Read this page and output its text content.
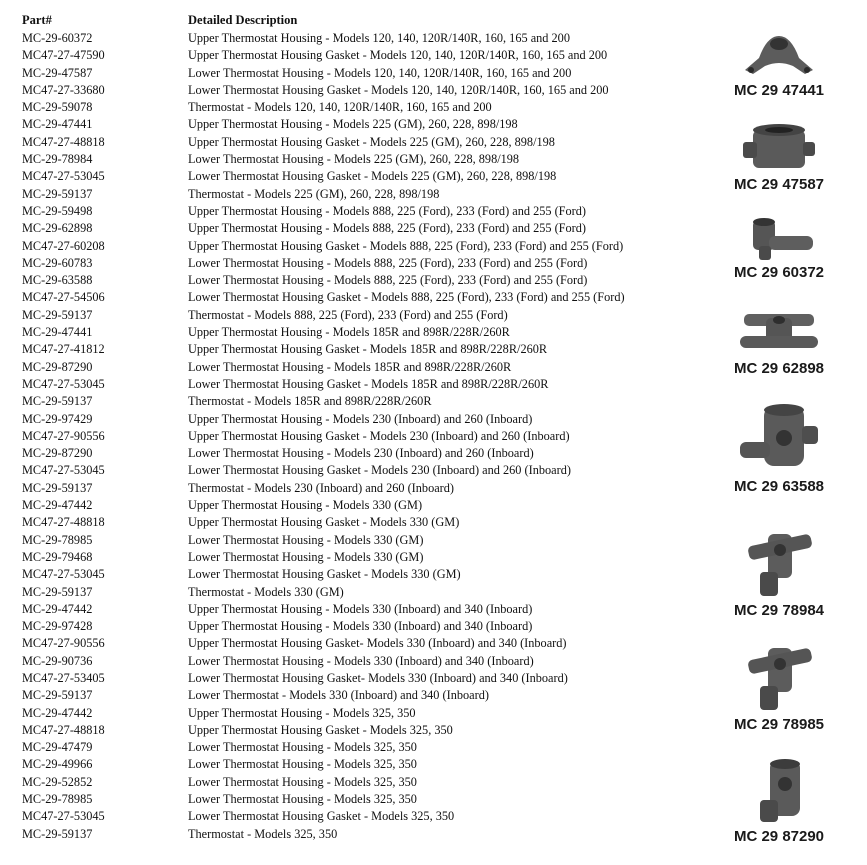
Part#	Detailed Description
MC-29-60372	Upper Thermostat Housing - Models 120, 140, 120R/140R, 160, 165 and 200
MC47-27-47590	Upper Thermostat Housing Gasket - Models 120, 140, 120R/140R, 160, 165 and 200
MC-29-47587	Lower Thermostat Housing - Models 120, 140, 120R/140R, 160, 165 and 200
MC47-27-33680	Lower Thermostat Housing Gasket - Models 120, 140, 120R/140R, 160, 165 and 200
MC-29-59078	Thermostat - Models 120, 140, 120R/140R, 160, 165 and 200
MC-29-47441	Upper Thermostat Housing - Models 225 (GM), 260, 228, 898/198
MC47-27-48818	Upper Thermostat Housing Gasket - Models 225 (GM), 260, 228, 898/198
MC-29-78984	Lower Thermostat Housing - Models 225 (GM), 260, 228, 898/198
MC47-27-53045	Lower Thermostat Housing Gasket - Models 225 (GM), 260, 228, 898/198
MC-29-59137	Thermostat - Models 225 (GM), 260, 228, 898/198
MC-29-59498	Upper Thermostat Housing - Models 888, 225 (Ford), 233 (Ford) and 255 (Ford)
MC-29-62898	Upper Thermostat Housing - Models 888, 225 (Ford), 233 (Ford) and 255 (Ford)
MC47-27-60208	Upper Thermostat Housing Gasket - Models 888, 225 (Ford), 233 (Ford) and 255 (Ford)
MC-29-60783	Lower Thermostat Housing - Models 888, 225 (Ford), 233 (Ford) and 255 (Ford)
MC-29-63588	Lower Thermostat Housing - Models 888, 225 (Ford), 233 (Ford) and 255 (Ford)
MC47-27-54506	Lower Thermostat Housing Gasket - Models 888, 225 (Ford), 233 (Ford) and 255 (Ford)
MC-29-59137	Thermostat - Models 888, 225 (Ford), 233 (Ford) and 255 (Ford)
MC-29-47441	Upper Thermostat Housing - Models 185R and 898R/228R/260R
MC47-27-41812	Upper Thermostat Housing Gasket - Models 185R and 898R/228R/260R
MC-29-87290	Lower Thermostat Housing - Models 185R and 898R/228R/260R
MC47-27-53045	Lower Thermostat Housing Gasket - Models 185R and 898R/228R/260R
MC-29-59137	Thermostat - Models 185R and 898R/228R/260R
MC-29-97429	Upper Thermostat Housing - Models 230 (Inboard) and 260 (Inboard)
MC47-27-90556	Upper Thermostat Housing Gasket - Models 230 (Inboard) and 260 (Inboard)
MC-29-87290	Lower Thermostat Housing - Models 230 (Inboard) and 260 (Inboard)
MC47-27-53045	Lower Thermostat Housing Gasket - Models 230 (Inboard) and 260 (Inboard)
MC-29-59137	Thermostat - Models 230 (Inboard) and 260 (Inboard)
MC-29-47442	Upper Thermostat Housing - Models 330 (GM)
MC47-27-48818	Upper Thermostat Housing Gasket - Models 330 (GM)
MC-29-78985	Lower Thermostat Housing - Models 330 (GM)
MC-29-79468	Lower Thermostat Housing - Models 330 (GM)
MC47-27-53045	Lower Thermostat Housing Gasket - Models 330 (GM)
MC-29-59137	Thermostat - Models 330 (GM)
MC-29-47442	Upper Thermostat Housing - Models 330 (Inboard) and 340 (Inboard)
MC-29-97428	Upper Thermostat Housing - Models 330 (Inboard) and 340 (Inboard)
MC47-27-90556	Upper Thermostat Housing Gasket- Models 330 (Inboard) and 340 (Inboard)
MC-29-90736	Lower Thermostat Housing - Models 330 (Inboard) and 340 (Inboard)
MC47-27-53405	Lower Thermostat Housing Gasket- Models 330 (Inboard) and 340 (Inboard)
MC-29-59137	Lower Thermostat - Models 330 (Inboard) and 340 (Inboard)
MC-29-47442	Upper Thermostat Housing - Models 325, 350
MC47-27-48818	Upper Thermostat Housing Gasket - Models 325, 350
MC-29-47479	Lower Thermostat Housing - Models 325, 350
MC-29-49966	Lower Thermostat Housing - Models 325, 350
MC-29-52852	Lower Thermostat Housing - Models 325, 350
MC-29-78985	Lower Thermostat Housing - Models 325, 350
MC47-27-53045	Lower Thermostat Housing Gasket - Models 325, 350
MC-29-59137	Thermostat - Models 325, 350
MC 29 47441
MC 29 47587
MC 29 60372
MC 29 62898
MC 29 63588
MC 29 78984
MC 29 78985
MC 29 87290
